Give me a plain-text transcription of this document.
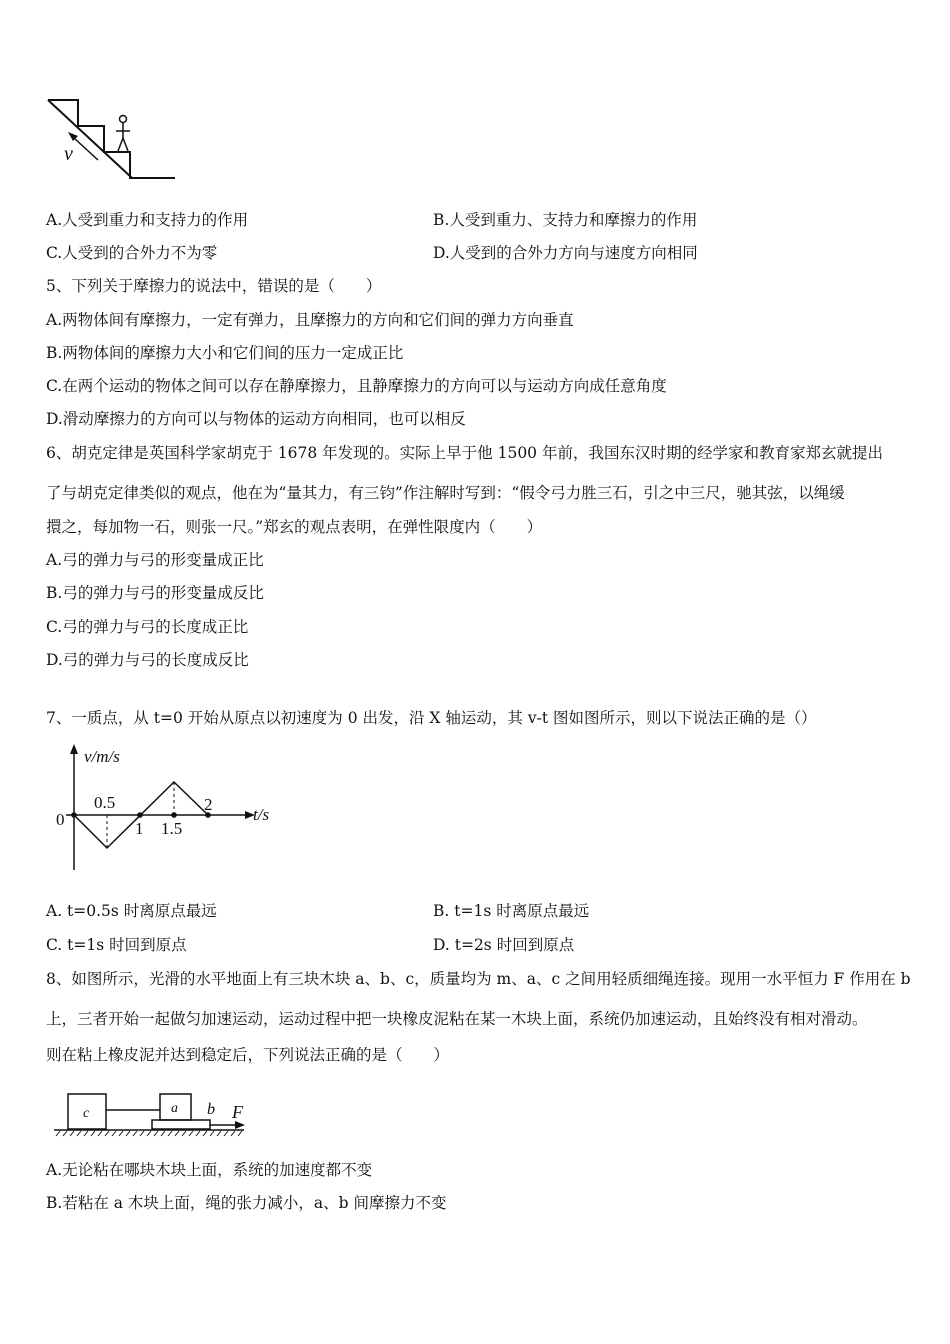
v
A.人受到重力和支持力的作用	B.人受到重力、支持力和摩擦力的作用
C.人受到的合外力不为零	D.人受到的合外力方向与速度方向相同
5、下列关于摩擦力的说法中，错误的是（　　）
A.两物体间有摩擦力，一定有弹力，且摩擦力的方向和它们间的弹力方向垂直
B.两物体间的摩擦力大小和它们间的压力一定成正比
C.在两个运动的物体之间可以存在静摩擦力，且静摩擦力的方向可以与运动方向成任意角度
D.滑动摩擦力的方向可以与物体的运动方向相同，也可以相反
6、胡克定律是英国科学家胡克于 1678 年发现的。实际上早于他 1500 年前，我国东汉时期的经学家和教育家郑玄就提出
了与胡克定律类似的观点，他在为“量其力，有三钧”作注解时写到：“假令弓力胜三石，引之中三尺，驰其弦，以绳缓
擐之，每加物一石，则张一尺。”郑玄的观点表明，在弹性限度内（　　）
A.弓的弹力与弓的形变量成正比
B.弓的弹力与弓的形变量成反比
C.弓的弹力与弓的长度成正比
D.弓的弹力与弓的长度成反比
7、一质点，从 t=0 开始从原点以初速度为 0 出发，沿 X 轴运动，其 v-t 图如图所示，则以下说法正确的是（）
v/m/s
t/s
0
0.5
1 1.5
2
A. t=0.5s 时离原点最远	B. t=1s 时离原点最远
C. t=1s 时回到原点	D. t=2s 时回到原点
8、如图所示，光滑的水平地面上有三块木块 a、b、c，质量均为 m、a、c 之间用轻质细绳连接。现用一水平恒力 F 作用在 b
上，三者开始一起做匀加速运动，运动过程中把一块橡皮泥粘在某一木块上面，系统仍加速运动，且始终没有相对滑动。
则在粘上橡皮泥并达到稳定后，下列说法正确的是（　　）
c	a b F
A.无论粘在哪块木块上面，系统的加速度都不变
B.若粘在 a 木块上面，绳的张力减小，a、b 间摩擦力不变
